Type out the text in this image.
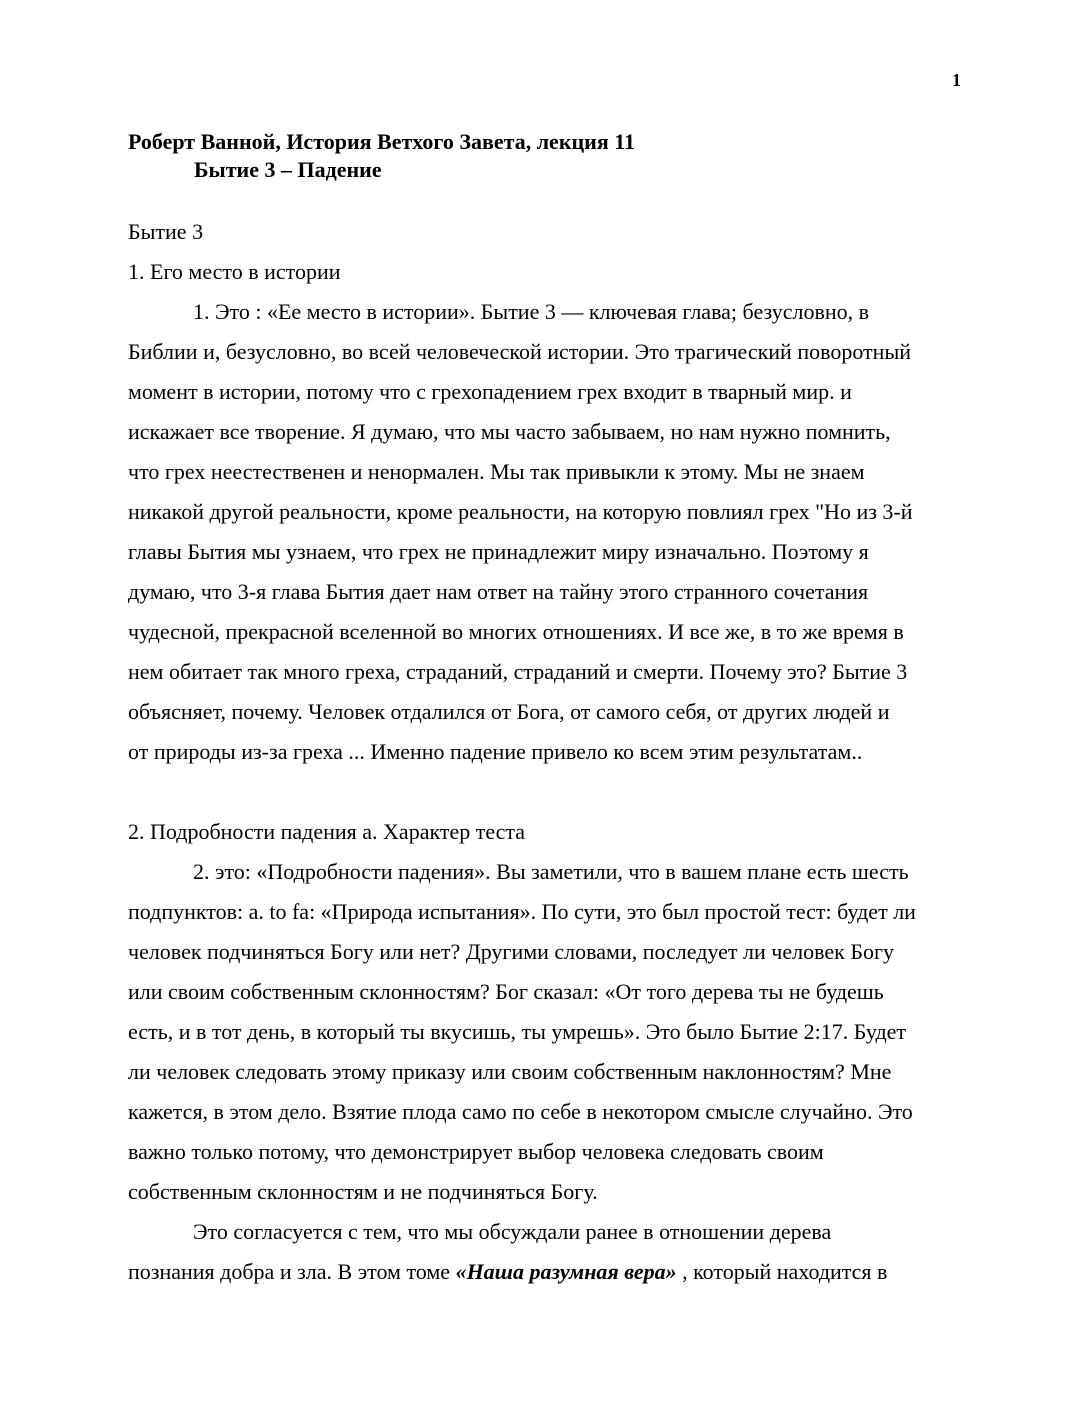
1
Роберт Ванной, История Ветхого Завета, лекция 11
Бытие 3 – Падение
Бытие 3
1. Его место в истории
1. Это : «Ее место в истории». Бытие 3 — ключевая глава; безусловно, в
Библии и, безусловно, во всей человеческой истории. Это трагический поворотный
момент в истории, потому что с грехопадением грех входит в тварный мир. и
искажает все творение. Я думаю, что мы часто забываем, но нам нужно помнить,
что грех неестественен и ненормален. Мы так привыкли к этому. Мы не знаем
никакой другой реальности, кроме реальности, на которую повлиял грех "Но из 3-й
главы Бытия мы узнаем, что грех не принадлежит миру изначально. Поэтому я
думаю, что 3-я глава Бытия дает нам ответ на тайну этого странного сочетания
чудесной, прекрасной вселенной во многих отношениях. И все же, в то же время в
нем обитает так много греха, страданий, страданий и смерти. Почему это? Бытие 3
объясняет, почему. Человек отдалился от Бога, от самого себя, от других людей и
от природы из-за греха ... Именно падение привело ко всем этим результатам..
2. Подробности падения а. Характер теста
2. это: «Подробности падения». Вы заметили, что в вашем плане есть шесть
подпунктов: a. to fa: «Природа испытания». По сути, это был простой тест: будет ли
человек подчиняться Богу или нет? Другими словами, последует ли человек Богу
или своим собственным склонностям? Бог сказал: «От того дерева ты не будешь
есть, и в тот день, в который ты вкусишь, ты умрешь». Это было Бытие 2:17. Будет
ли человек следовать этому приказу или своим собственным наклонностям? Мне
кажется, в этом дело. Взятие плода само по себе в некотором смысле случайно. Это
важно только потому, что демонстрирует выбор человека следовать своим
собственным склонностям и не подчиняться Богу.
Это согласуется с тем, что мы обсуждали ранее в отношении дерева
познания добра и зла. В этом томе «Наша разумная вера» , который находится в
